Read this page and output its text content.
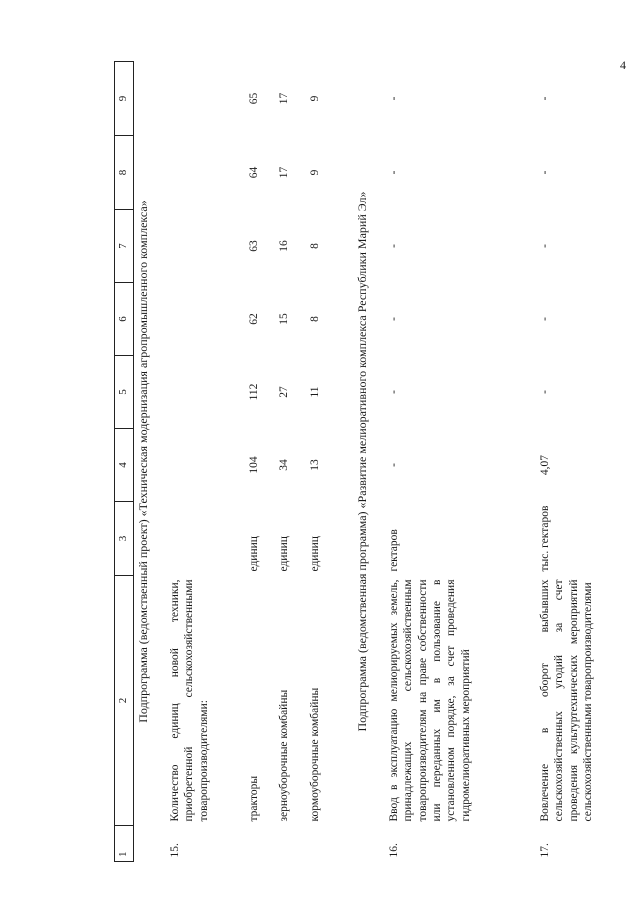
4
1	2	3	4	5	6	7	8	9
Подпрограмма (ведомственный проект) «Техническая модернизация агропромышленного комплекса»								
15.	Количество единиц новой техники, приобретенной сельскохозяйственными товаропроизводителями:							
	тракторы	единиц	104	112	62	63	64	65
	зерноуборочные комбайны	единиц	34	27	15	16	17	17
	кормоуборочные комбайны	единиц	13	11	8	8	9	9
Подпрограмма (ведомственная программа) «Развитие мелиоративного комплекса Республики Марий Эл»								
16.	Ввод в эксплуатацию мелиорируемых земель, принадлежащих сельскохозяйственным товаропроизводителям на праве собственности или переданных им в пользование в установленном порядке, за счет проведения гидромелиоративных мероприятий	гектаров	-	-	-	-	-	-
17.	Вовлечение в оборот выбывших сельскохозяйственных угодий за счет проведения культуртехнических мероприятий сельскохозяйственными товаропроизводителями	тыс. гектаров	4,07	-	-	-	-	-
